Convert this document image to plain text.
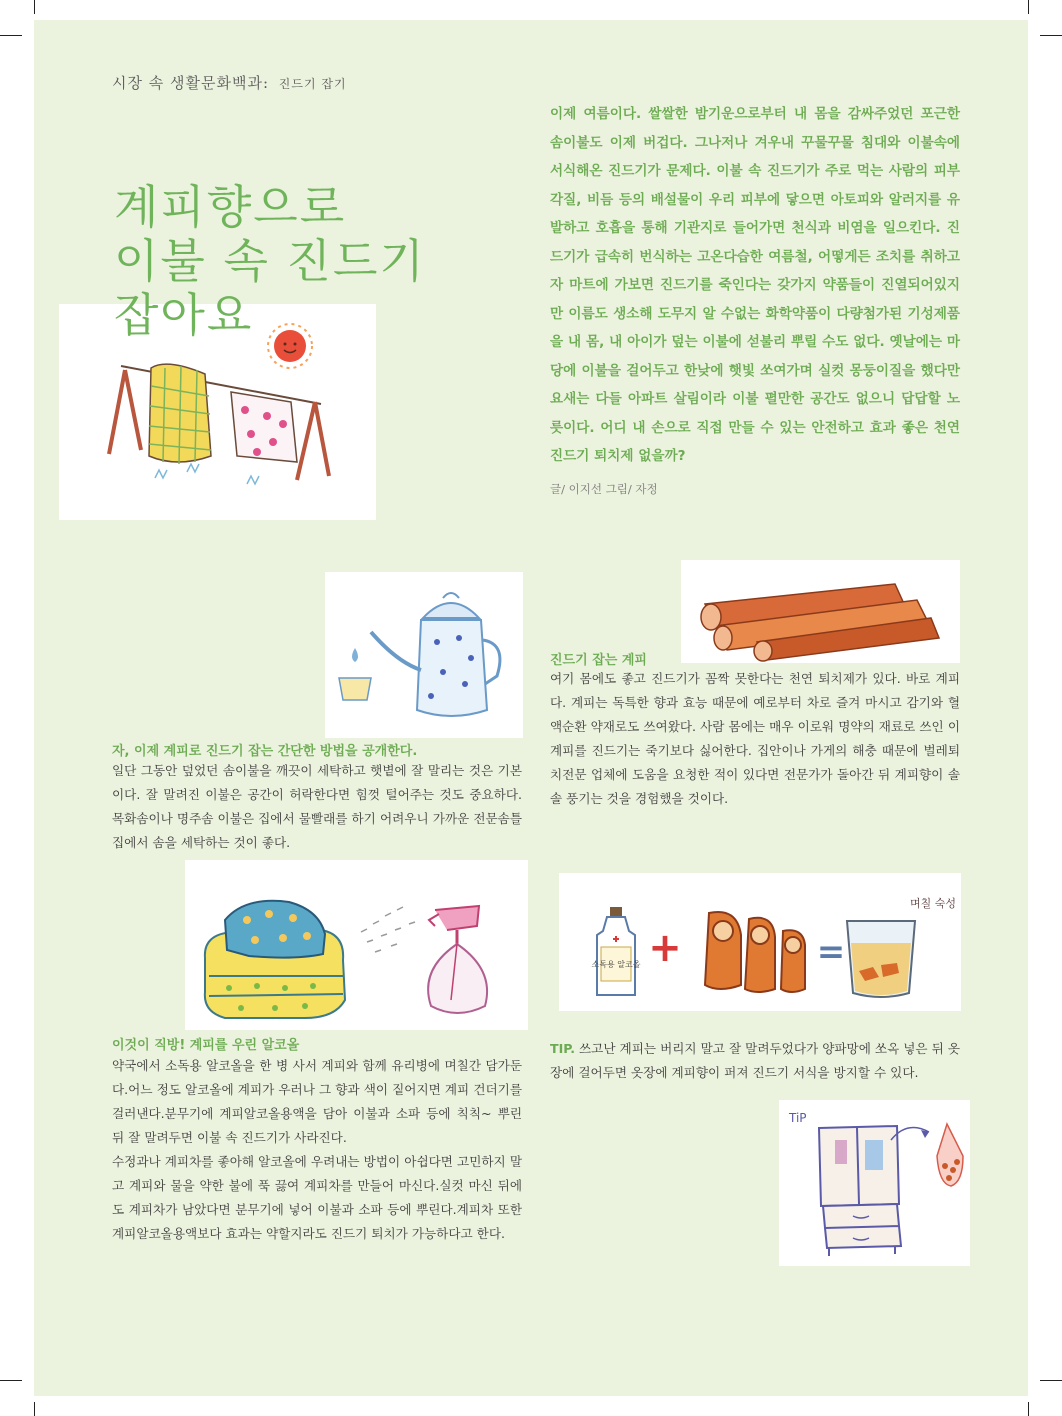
시장 속 생활문화백과: 진드기 잡기
계피향으로
이불 속 진드기
잡아요
이제 여름이다. 쌀쌀한 밤기운으로부터 내 몸을 감싸주었던 포근한 솜이불도 이제 버겁다. 그나저나 겨우내 꾸물꾸물 침대와 이불속에 서식해온 진드기가 문제다. 이불 속 진드기가 주로 먹는 사람의 피부각질, 비듬 등의 배설물이 우리 피부에 닿으면 아토피와 알러지를 유발하고 호흡을 통해 기관지로 들어가면 천식과 비염을 일으킨다. 진드기가 급속히 번식하는 고온다습한 여름철, 어떻게든 조치를 취하고자 마트에 가보면 진드기를 죽인다는 갖가지 약품들이 진열되어있지만 이름도 생소해 도무지 알 수없는 화학약품이 다량첨가된 기성제품을 내 몸, 내 아이가 덮는 이불에 섣불리 뿌릴 수도 없다. 옛날에는 마당에 이불을 걸어두고 한낮에 햇빛 쏘여가며 실컷 몽둥이질을 했다만 요새는 다들 아파트 살림이라 이불 펼만한 공간도 없으니 답답할 노릇이다. 어디 내 손으로 직접 만들 수 있는 안전하고 효과 좋은 천연 진드기 퇴치제 없을까?
글/ 이지선 그림/ 자정
진드기 잡는 계피
여기 몸에도 좋고 진드기가 꼼짝 못한다는 천연 퇴치제가 있다. 바로 계피다. 계피는 독특한 향과 효능 때문에 예로부터 차로 즐겨 마시고 감기와 혈액순환 약재로도 쓰여왔다. 사람 몸에는 매우 이로워 명약의 재료로 쓰인 이 계피를 진드기는 죽기보다 싫어한다. 집안이나 가게의 해충 때문에 벌레퇴치전문 업체에 도움을 요청한 적이 있다면 전문가가 돌아간 뒤 계피향이 솔솔 풍기는 것을 경험했을 것이다.
자, 이제 계피로 진드기 잡는 간단한 방법을 공개한다.
일단 그동안 덮었던 솜이불을 깨끗이 세탁하고 햇볕에 잘 말리는 것은 기본이다. 잘 말려진 이불은 공간이 허락한다면 힘껏 털어주는 것도 중요하다. 목화솜이나 명주솜 이불은 집에서 물빨래를 하기 어려우니 가까운 전문솜틀집에서 솜을 세탁하는 것이 좋다.
소독용 알코올 +	=
며칠 숙성
이것이 직방! 계피를 우린 알코올

약국에서 소독용 알코올을 한 병 사서 계피와 함께 유리병에 며칠간 담가둔다.어느 정도 알코올에 계피가 우러나 그 향과 색이 짙어지면 계피 건더기를 걸러낸다.분무기에 계피알코올용액을 담아 이불과 소파 등에 칙칙~ 뿌린 뒤 잘 말려두면 이불 속 진드기가 사라진다.

수정과나 계피차를 좋아해 알코올에 우려내는 방법이 아쉽다면 고민하지 말고 계피와 물을 약한 불에 푹 끓여 계피차를 만들어 마신다.실컷 마신 뒤에도 계피차가 남았다면 분무기에 넣어 이불과 소파 등에 뿌린다.계피차 또한 계피알코올용액보다 효과는 약할지라도 진드기 퇴치가 가능하다고 한다.

TIP. 쓰고난 계피는 버리지 말고 잘 말려두었다가 양파망에 쏘옥 넣은 뒤 옷장에 걸어두면 옷장에 계피향이 퍼져 진드기 서식을 방지할 수 있다.
TiP
